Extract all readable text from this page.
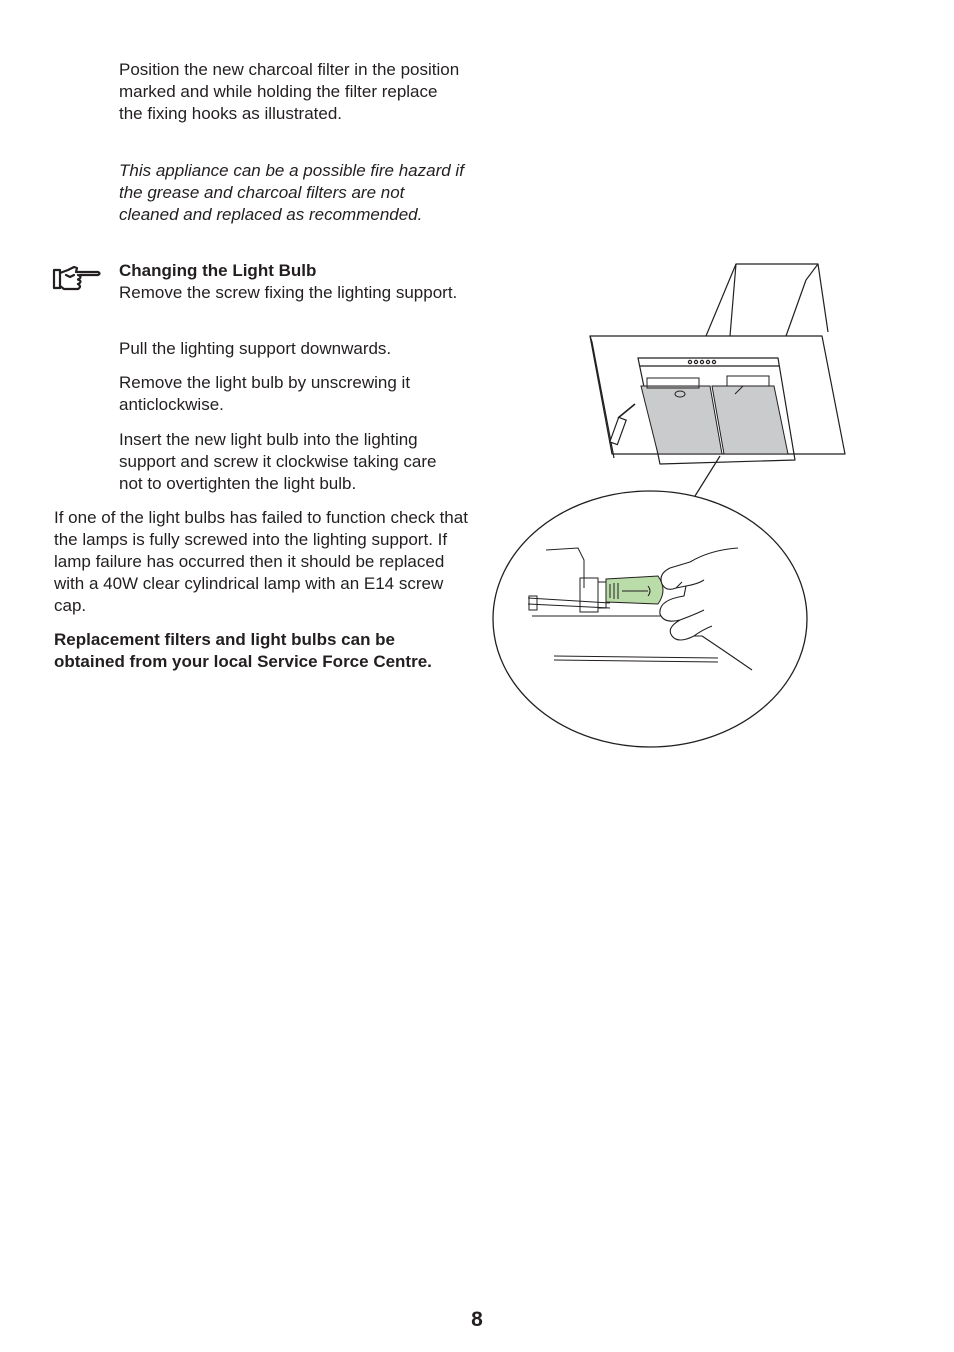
Position the new charcoal filter in the position marked and while holding the filter replace the fixing hooks as illustrated.

This appliance can be a possible fire hazard if the grease and charcoal filters are not cleaned and replaced as recommended.

Changing the Light Bulb
Remove the screw fixing the lighting support.

Pull the lighting support downwards.

Remove the light bulb by unscrewing it anticlockwise.

Insert the new light bulb into the lighting support and screw it clockwise taking care not to overtighten the light bulb.

If one of the light bulbs has failed to function check that the lamps is fully screwed into the lighting support. If lamp failure has occurred then it should be replaced with a 40W clear cylindrical lamp with an E14 screw cap.

Replacement filters and light bulbs can be obtained from your local Service Force Centre.

8
